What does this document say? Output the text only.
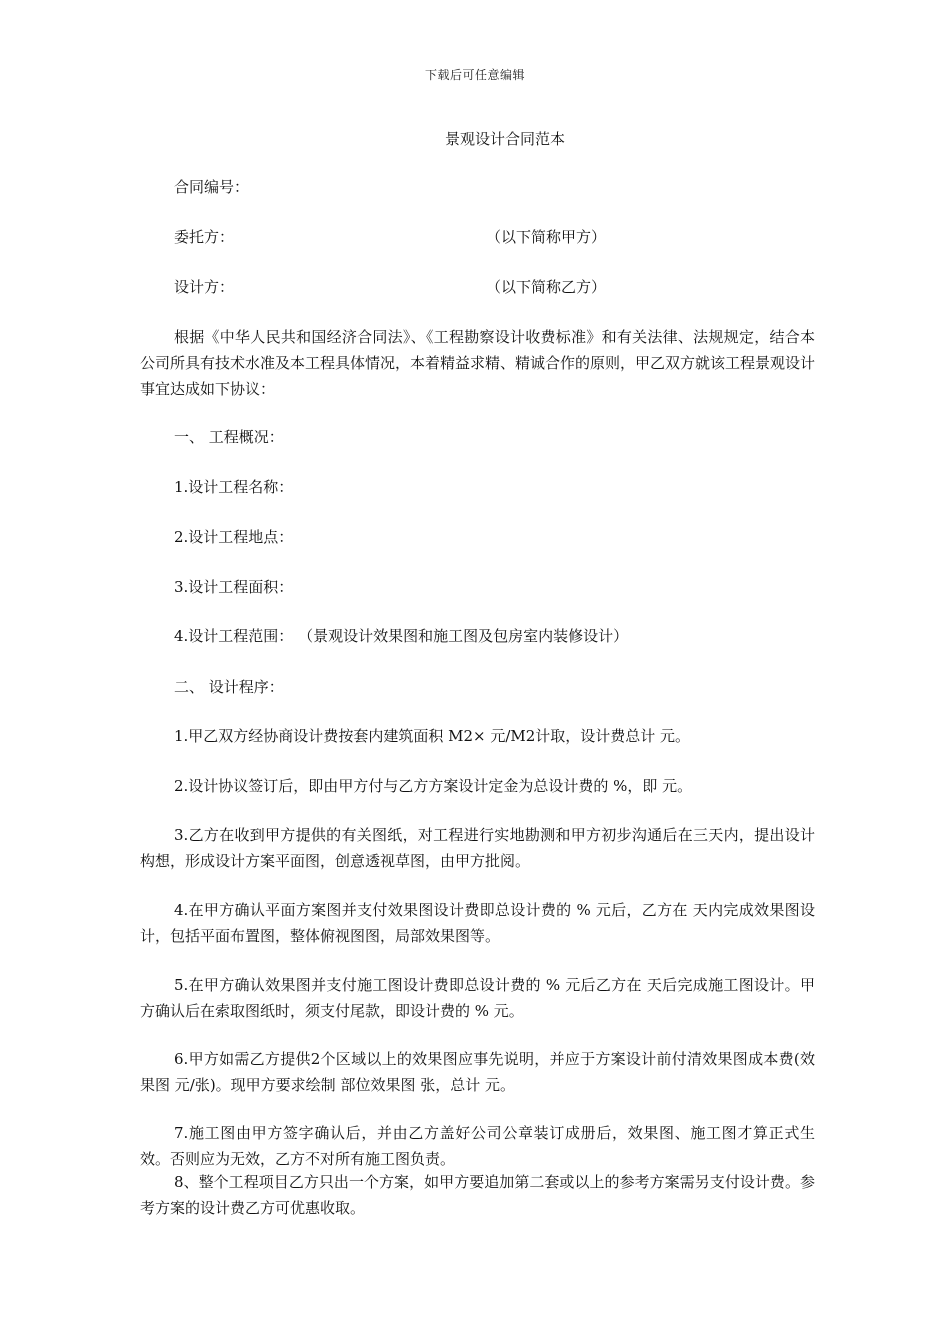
下载后可任意编辑
景观设计合同范本
合同编号：
委托方：	（以下简称甲方）
设计方：	（以下简称乙方）
根据《中华人民共和国经济合同法》、《工程勘察设计收费标准》和有关法律、法规规定，结合本公司所具有技术水准及本工程具体情况，本着精益求精、精诚合作的原则，甲乙双方就该工程景观设计事宜达成如下协议：
一、 工程概况：
1.设计工程名称：
2.设计工程地点：
3.设计工程面积：
4.设计工程范围： （景观设计效果图和施工图及包房室内装修设计）
二、 设计程序：
1.甲乙双方经协商设计费按套内建筑面积 M2× 元/M2计取，设计费总计 元。
2.设计协议签订后，即由甲方付与乙方方案设计定金为总设计费的 %，即 元。
3.乙方在收到甲方提供的有关图纸，对工程进行实地勘测和甲方初步沟通后在三天内，提出设计构想，形成设计方案平面图，创意透视草图，由甲方批阅。
4.在甲方确认平面方案图并支付效果图设计费即总设计费的 % 元后，乙方在 天内完成效果图设计，包括平面布置图，整体俯视图图，局部效果图等。
5.在甲方确认效果图并支付施工图设计费即总设计费的 % 元后乙方在 天后完成施工图设计。甲方确认后在索取图纸时，须支付尾款，即设计费的 % 元。
6.甲方如需乙方提供2个区域以上的效果图应事先说明，并应于方案设计前付清效果图成本费(效果图 元/张)。现甲方要求绘制 部位效果图 张，总计 元。
7.施工图由甲方签字确认后，并由乙方盖好公司公章装订成册后，效果图、施工图才算正式生效。否则应为无效，乙方不对所有施工图负责。
8、整个工程项目乙方只出一个方案，如甲方要追加第二套或以上的参考方案需另支付设计费。参考方案的设计费乙方可优惠收取。
